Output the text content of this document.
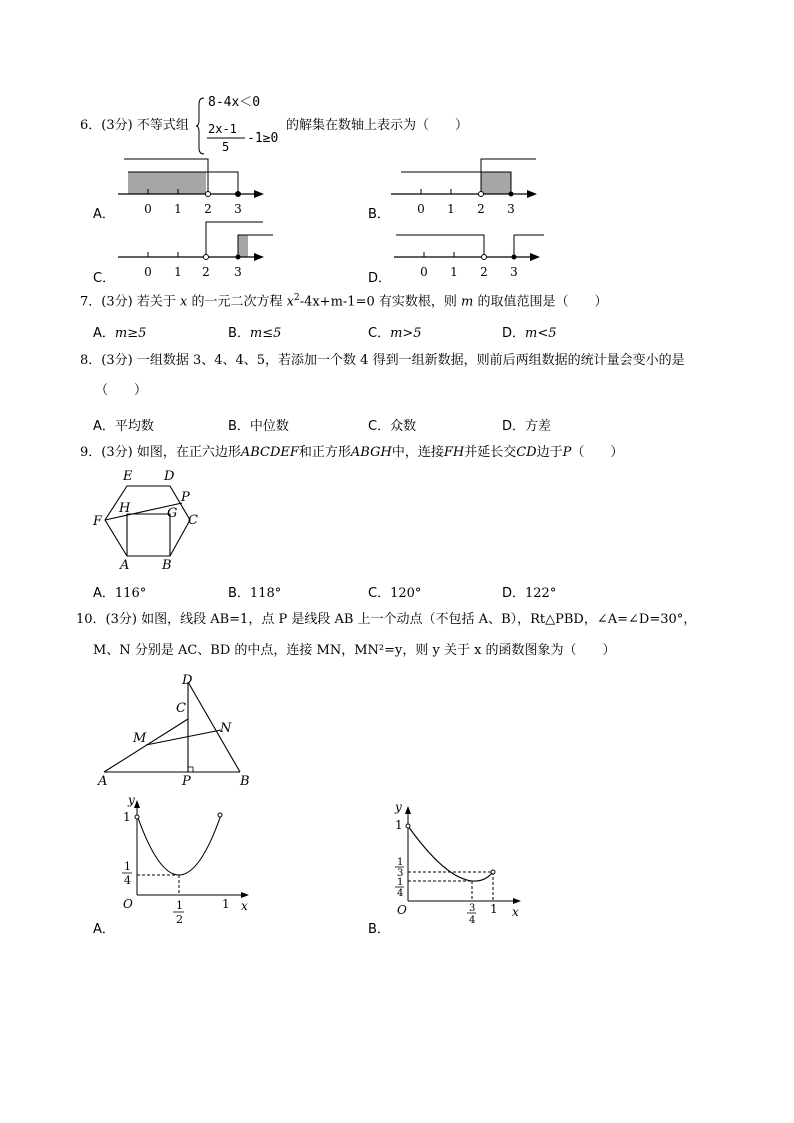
6．(3分) 不等式组
8-4x＜0
2x-1
5
-1≥0
的解集在数轴上表示为（　　）
A． 0 1 2 3	B． 0 1 2 3
C． 0 1 2 3	D． 0 1 2 3
7．(3分) 若关于 x 的一元二次方程 $x^2-4x+m-1=0$ 有实数根，则 m 的取值范围是（　　）
A．m≥5	B．m≤5	C．m>5	D．m<5
8．(3分) 一组数据 3、4、4、5，若添加一个数 4 得到一组新数据，则前后两组数据的统计量会变小的是
（　　）
A．平均数	B．中位数	C．众数	D．方差
9．(3分) 如图，在正六边形ABCDEF和正方形ABGH中，连接FH并延长交CD边于P（　　）
E D
P
F
H	G C
A	B
A．116°	B．118°	C．120°	D．122°
10．(3分) 如图，线段 AB=1，点 P 是线段 AB 上一个动点（不包括 A、B），Rt△PBD，∠A=∠D=30°，
M、N 分别是 AC、BD 的中点，连接 MN，MN²=y，则 y 关于 x 的函数图象为（　　）
D
C
N
M
A	P	B
y
1
1
4
O	1
2
1 x
A．
y
1
1
3
1
4
O	3
4
1 x
B．
